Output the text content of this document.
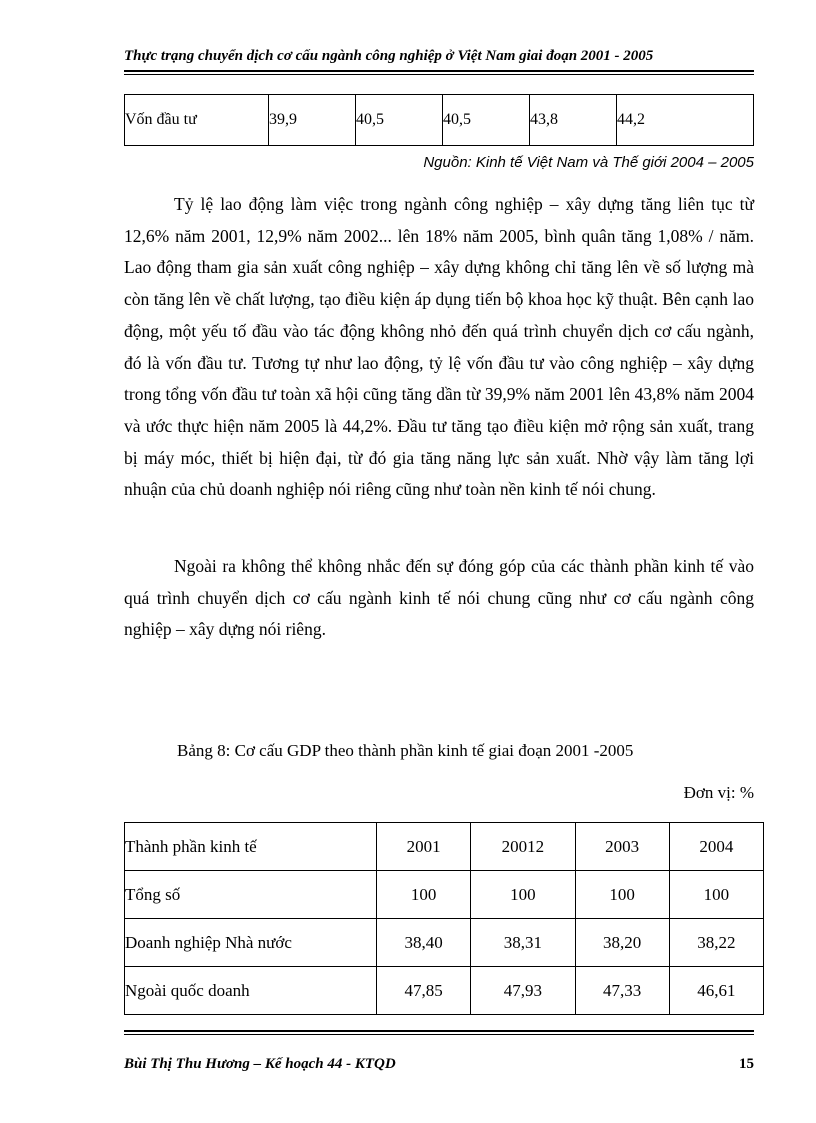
Thực trạng chuyển dịch cơ cấu ngành công nghiệp ở Việt Nam giai đoạn 2001 - 2005
Vốn đầu tư	39,9	40,5	40,5	43,8	44,2
Nguồn: Kinh tế Việt Nam và Thế giới 2004 – 2005

Tỷ lệ lao động làm việc trong ngành công nghiệp – xây dựng tăng liên tục từ 12,6% năm 2001, 12,9% năm 2002... lên 18% năm 2005, bình quân tăng 1,08% / năm. Lao động tham gia sản xuất công nghiệp – xây dựng không chỉ tăng lên về số lượng mà còn tăng lên về chất lượng, tạo điều kiện áp dụng tiến bộ khoa học kỹ thuật. Bên cạnh lao động, một yếu tố đầu vào tác động không nhỏ đến quá trình chuyển dịch cơ cấu ngành, đó là vốn đầu tư. Tương tự như lao động, tỷ lệ vốn đầu tư vào công nghiệp – xây dựng trong tổng vốn đầu tư toàn xã hội cũng tăng dần từ 39,9% năm 2001 lên 43,8% năm 2004 và ước thực hiện năm 2005 là 44,2%. Đầu tư tăng tạo điều kiện mở rộng sản xuất, trang bị máy móc, thiết bị hiện đại, từ đó gia tăng năng lực sản xuất. Nhờ vậy làm tăng lợi nhuận của chủ doanh nghiệp nói riêng cũng như toàn nền kinh tế nói chung.

Ngoài ra không thể không nhắc đến sự đóng góp của các thành phần kinh tế vào quá trình chuyển dịch cơ cấu ngành kinh tế nói chung cũng như cơ cấu ngành công nghiệp – xây dựng nói riêng.

Bảng 8: Cơ cấu GDP theo thành phần kinh tế giai đoạn 2001 -2005
Đơn vị: %
Thành phần kinh tế	2001	20012	2003	2004
Tổng số	100	100	100	100
Doanh nghiệp Nhà nước	38,40	38,31	38,20	38,22
Ngoài quốc doanh	47,85	47,93	47,33	46,61
Bùi Thị Thu Hương – Kế hoạch 44 - KTQD	15
